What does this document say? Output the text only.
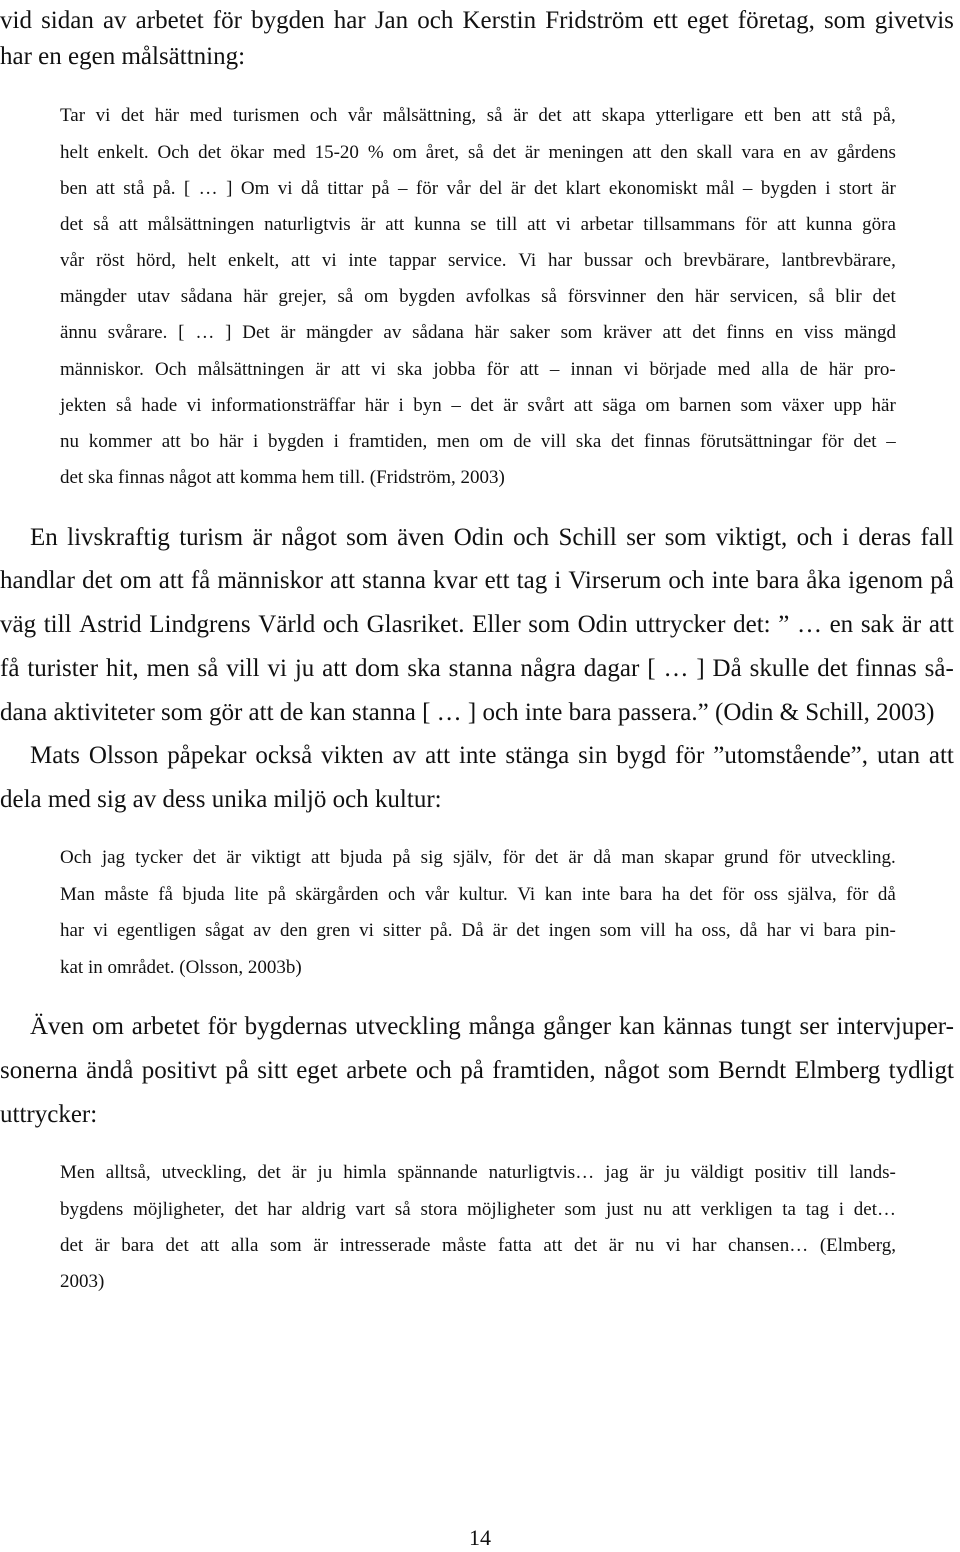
vid sidan av arbetet för bygden har Jan och Kerstin Fridström ett eget företag, som givetvis
har en egen målsättning:
Tar vi det här med turismen och vår målsättning, så är det att skapa ytterligare ett ben att stå på,
helt enkelt. Och det ökar med 15-20 % om året, så det är meningen att den skall vara en av gårdens
ben att stå på. [ … ] Om vi då tittar på – för vår del är det klart ekonomiskt mål – bygden i stort är
det så att målsättningen naturligtvis är att kunna se till att vi arbetar tillsammans för att kunna göra
vår röst hörd, helt enkelt, att vi inte tappar service. Vi har bussar och brevbärare, lantbrevbärare,
mängder utav sådana här grejer, så om bygden avfolkas så försvinner den här servicen, så blir det
ännu svårare. [ … ] Det är mängder av sådana här saker som kräver att det finns en viss mängd
människor. Och målsättningen är att vi ska jobba för att – innan vi började med alla de här pro-
jekten så hade vi informationsträffar här i byn – det är svårt att säga om barnen som växer upp här
nu kommer att bo här i bygden i framtiden, men om de vill ska det finnas förutsättningar för det –
det ska finnas något att komma hem till. (Fridström, 2003)
En livskraftig turism är något som även Odin och Schill ser som viktigt, och i deras fall
handlar det om att få människor att stanna kvar ett tag i Virserum och inte bara åka igenom på
väg till Astrid Lindgrens Värld och Glasriket. Eller som Odin uttrycker det: ” … en sak är att
få turister hit, men så vill vi ju att dom ska stanna några dagar [ … ] Då skulle det finnas så-
dana aktiviteter som gör att de kan stanna [ … ] och inte bara passera.” (Odin & Schill, 2003)
Mats Olsson påpekar också vikten av att inte stänga sin bygd för ”utomstående”, utan att
dela med sig av dess unika miljö och kultur:
Och jag tycker det är viktigt att bjuda på sig själv, för det är då man skapar grund för utveckling.
Man måste få bjuda lite på skärgården och vår kultur. Vi kan inte bara ha det för oss själva, för då
har vi egentligen sågat av den gren vi sitter på. Då är det ingen som vill ha oss, då har vi bara pin-
kat in området. (Olsson, 2003b)
Även om arbetet för bygdernas utveckling många gånger kan kännas tungt ser intervjuper-
sonerna ändå positivt på sitt eget arbete och på framtiden, något som Berndt Elmberg tydligt
uttrycker:
Men alltså, utveckling, det är ju himla spännande naturligtvis… jag är ju väldigt positiv till lands-
bygdens möjligheter, det har aldrig vart så stora möjligheter som just nu att verkligen ta tag i det…
det är bara det att alla som är intresserade måste fatta att det är nu vi har chansen… (Elmberg,
2003)
14
